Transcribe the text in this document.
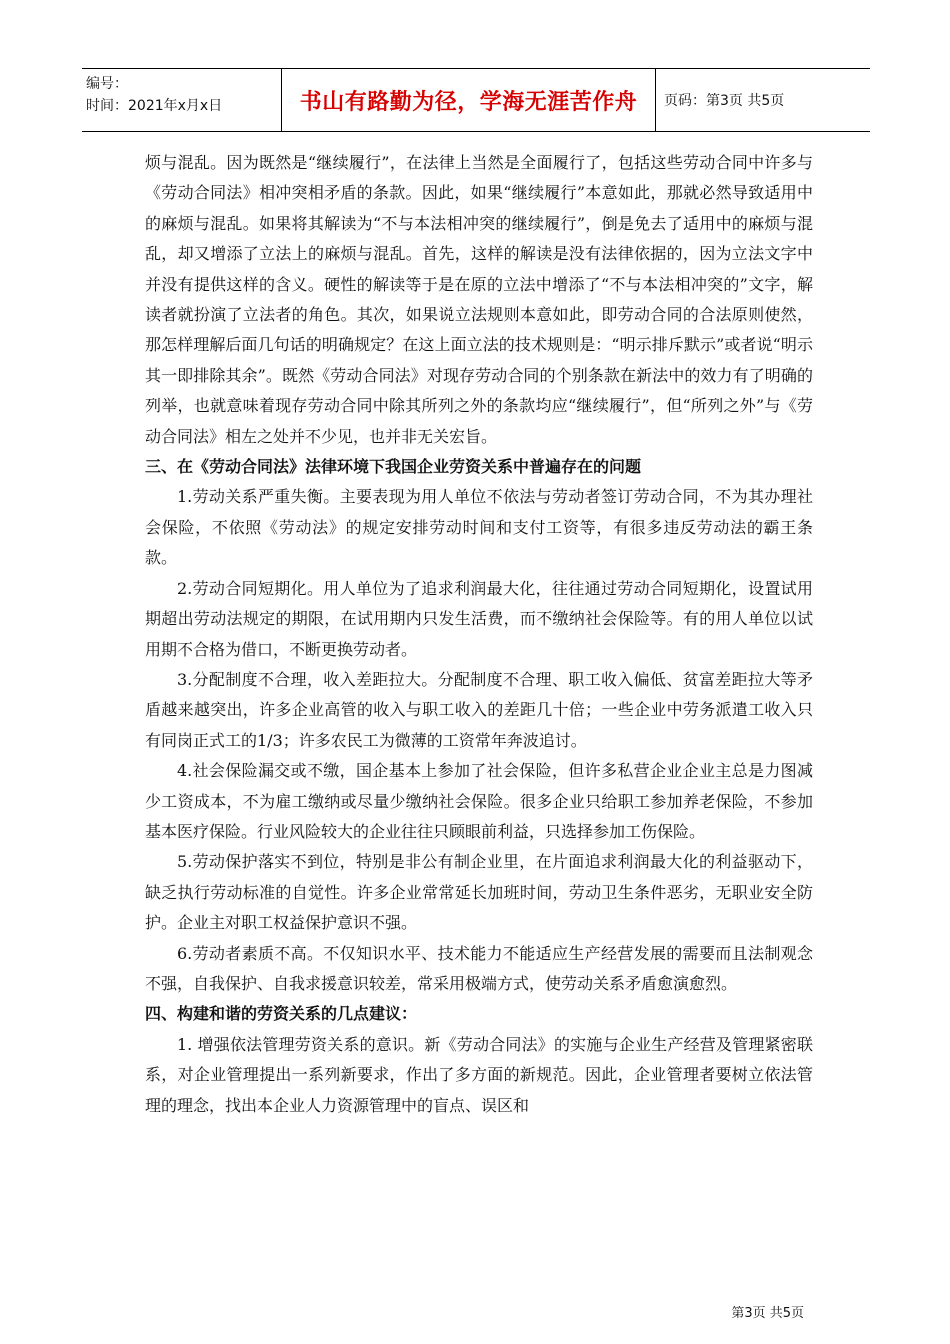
编号：
时间：2021年x月x日	书山有路勤为径，学海无涯苦作舟	页码：第3页 共5页

烦与混乱。因为既然是“继续履行”，在法律上当然是全面履行了，包括这些劳动合同中许多与《劳动合同法》相冲突相矛盾的条款。因此，如果“继续履行”本意如此，那就必然导致适用中的麻烦与混乱。如果将其解读为“不与本法相冲突的继续履行”，倒是免去了适用中的麻烦与混乱，却又增添了立法上的麻烦与混乱。首先，这样的解读是没有法律依据的，因为立法文字中并没有提供这样的含义。硬性的解读等于是在原的立法中增添了“不与本法相冲突的”文字，解读者就扮演了立法者的角色。其次，如果说立法规则本意如此，即劳动合同的合法原则使然，那怎样理解后面几句话的明确规定？在这上面立法的技术规则是：“明示排斥默示”或者说“明示其一即排除其余”。既然《劳动合同法》对现存劳动合同的个别条款在新法中的效力有了明确的列举，也就意味着现存劳动合同中除其所列之外的条款均应“继续履行”，但“所列之外”与《劳动合同法》相左之处并不少见，也并非无关宏旨。

三、在《劳动合同法》法律环境下我国企业劳资关系中普遍存在的问题

1.劳动关系严重失衡。主要表现为用人单位不依法与劳动者签订劳动合同，不为其办理社会保险，不依照《劳动法》的规定安排劳动时间和支付工资等，有很多违反劳动法的霸王条款。

2.劳动合同短期化。用人单位为了追求利润最大化，往往通过劳动合同短期化，设置试用期超出劳动法规定的期限，在试用期内只发生活费，而不缴纳社会保险等。有的用人单位以试用期不合格为借口，不断更换劳动者。

3.分配制度不合理，收入差距拉大。分配制度不合理、职工收入偏低、贫富差距拉大等矛盾越来越突出，许多企业高管的收入与职工收入的差距几十倍；一些企业中劳务派遣工收入只有同岗正式工的1/3；许多农民工为微薄的工资常年奔波追讨。

4.社会保险漏交或不缴，国企基本上参加了社会保险，但许多私营企业企业主总是力图减少工资成本，不为雇工缴纳或尽量少缴纳社会保险。很多企业只给职工参加养老保险，不参加基本医疗保险。行业风险较大的企业往往只顾眼前利益，只选择参加工伤保险。

5.劳动保护落实不到位，特别是非公有制企业里，在片面追求利润最大化的利益驱动下，缺乏执行劳动标准的自觉性。许多企业常常延长加班时间，劳动卫生条件恶劣，无职业安全防护。企业主对职工权益保护意识不强。

6.劳动者素质不高。不仅知识水平、技术能力不能适应生产经营发展的需要而且法制观念不强，自我保护、自我求援意识较差，常采用极端方式，使劳动关系矛盾愈演愈烈。

四、构建和谐的劳资关系的几点建议：

1. 增强依法管理劳资关系的意识。新《劳动合同法》的实施与企业生产经营及管理紧密联系，对企业管理提出一系列新要求，作出了多方面的新规范。因此，企业管理者要树立依法管理的理念，找出本企业人力资源管理中的盲点、误区和

第3页 共5页
